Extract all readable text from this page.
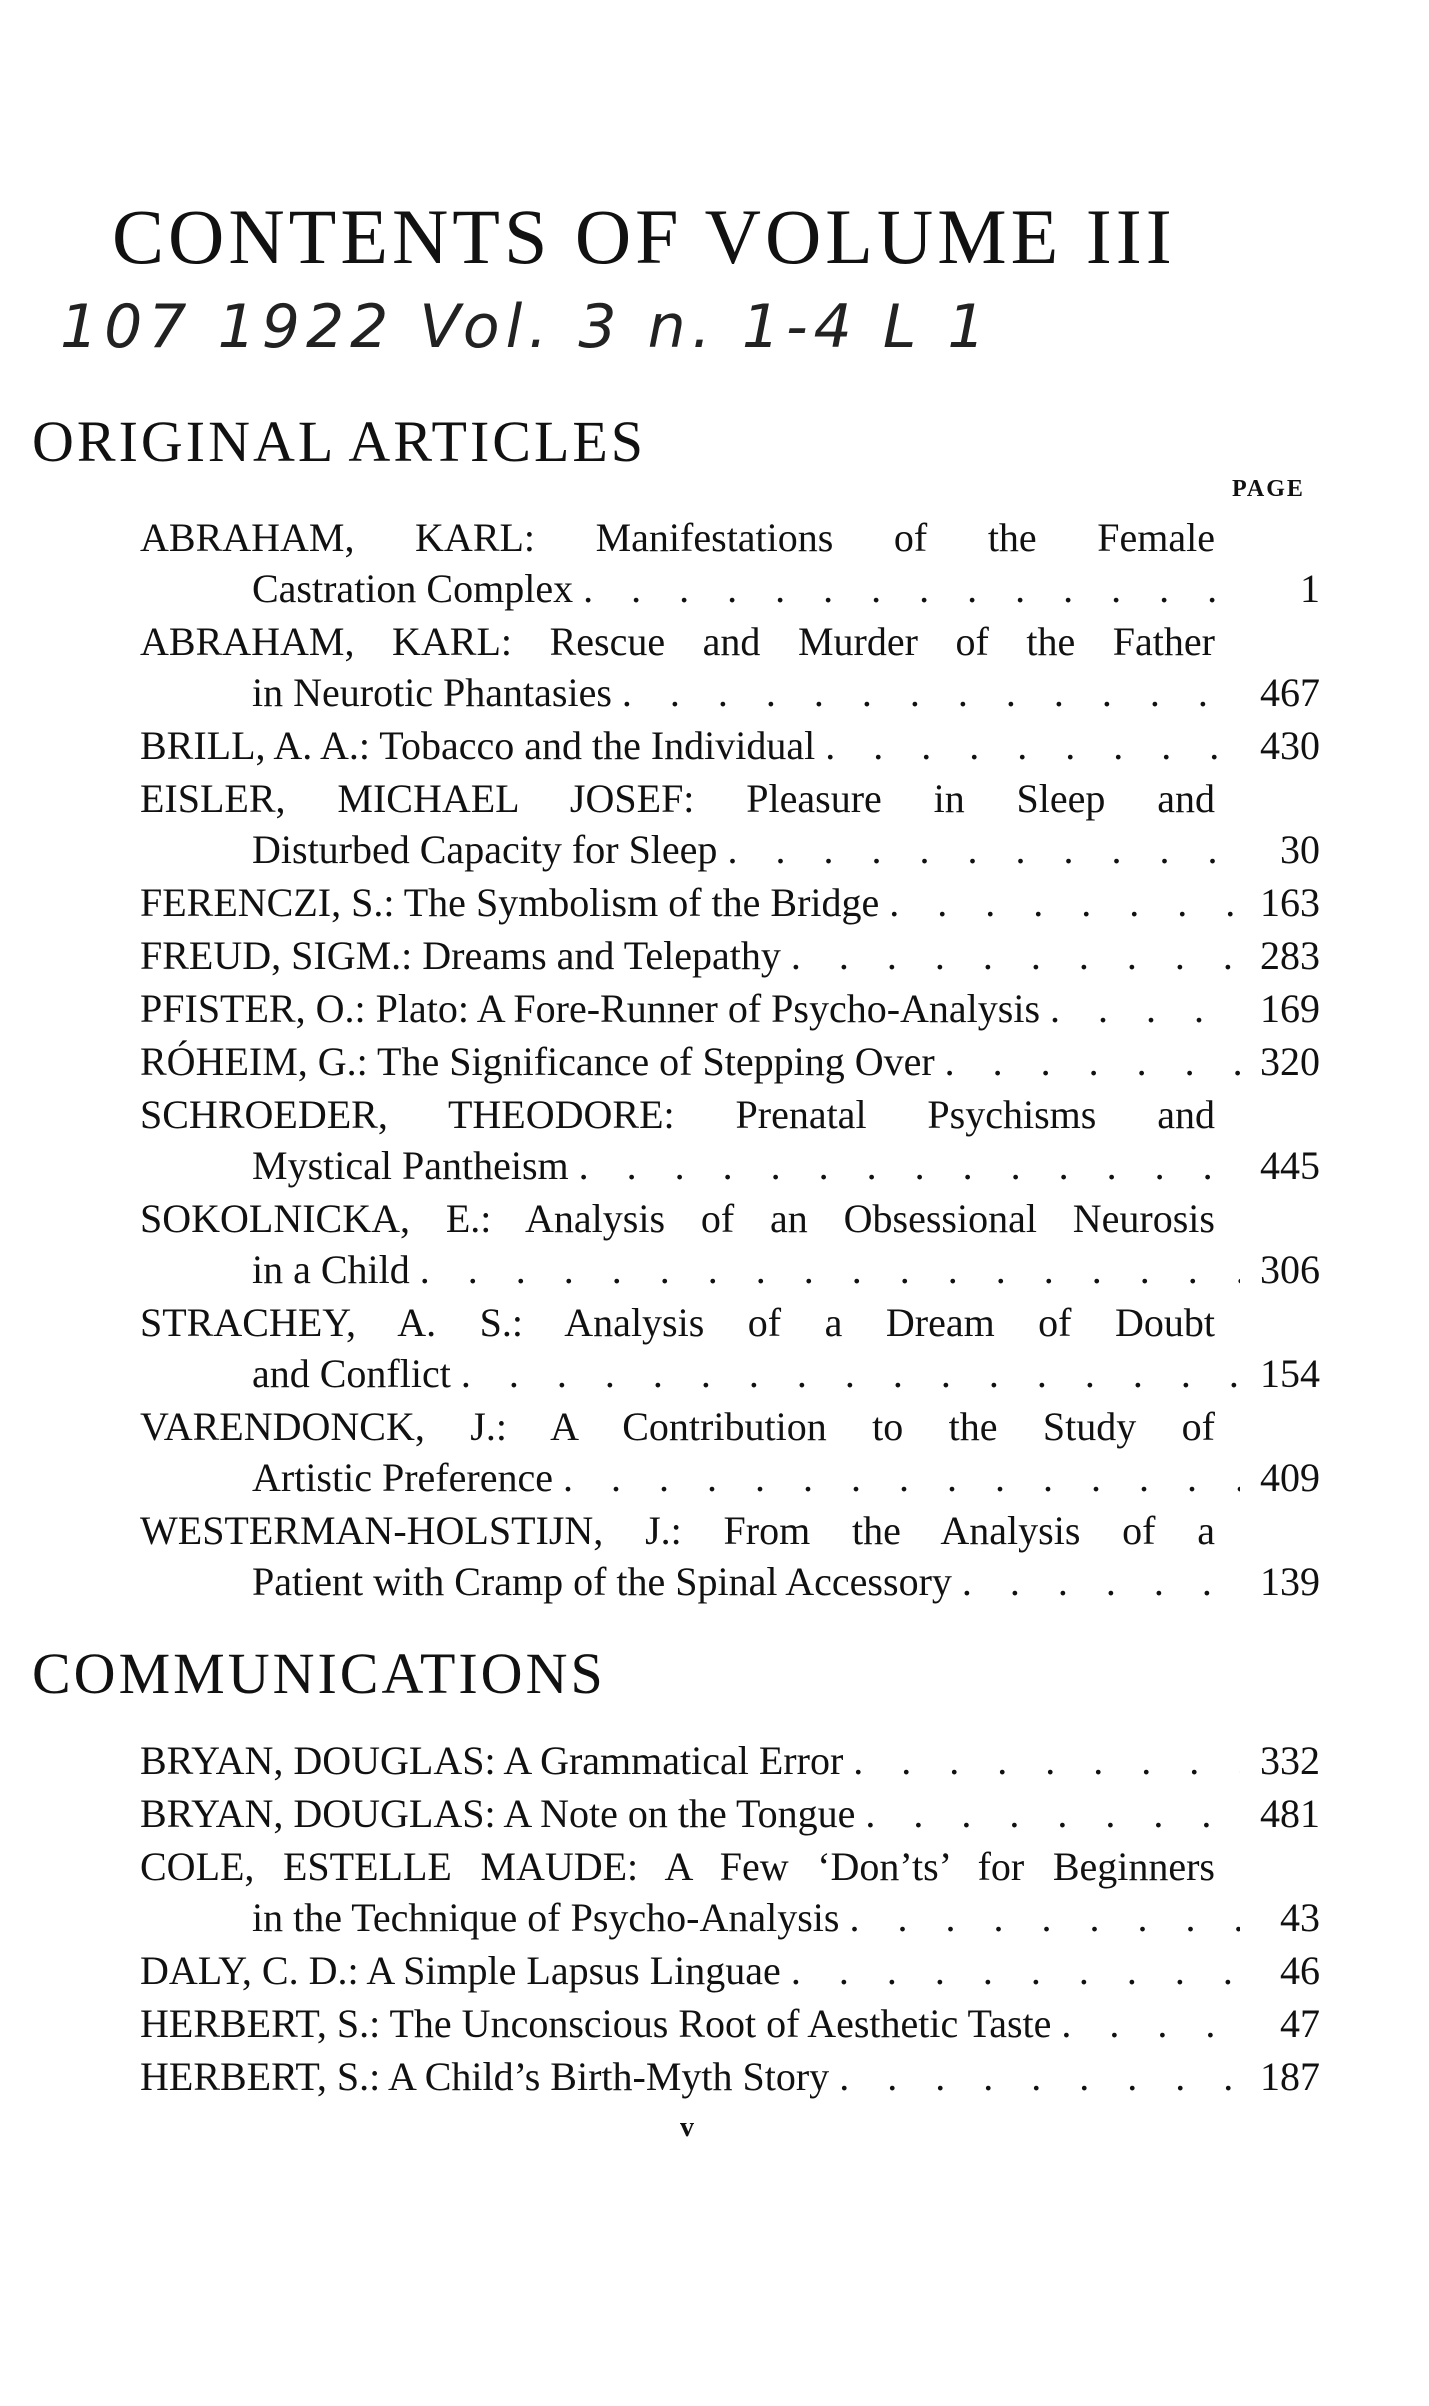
CONTENTS OF VOLUME III
107 1922 Vol. 3 n. 1-4 L 1
ORIGINAL ARTICLES
PAGE
ABRAHAM, KARL: Manifestations of the Female
Castration Complex . . .	1
ABRAHAM, KARL: Rescue and Murder of the Father
in Neurotic Phantasies . . .	467
BRILL, A. A.: Tobacco and the Individual . . .	430
EISLER, MICHAEL JOSEF: Pleasure in Sleep and
Disturbed Capacity for Sleep . . .	30
FERENCZI, S.: The Symbolism of the Bridge . . .	163
FREUD, SIGM.: Dreams and Telepathy . . .	283
PFISTER, O.: Plato: A Fore-Runner of Psycho-Analysis . . .	169
RÓHEIM, G.: The Significance of Stepping Over . . .	320
SCHROEDER, THEODORE: Prenatal Psychisms and
Mystical Pantheism . . .	445
SOKOLNICKA, E.: Analysis of an Obsessional Neurosis
in a Child . . .	306
STRACHEY, A. S.: Analysis of a Dream of Doubt
and Conflict . . .	154
VARENDONCK, J.: A Contribution to the Study of
Artistic Preference . . .	409
WESTERMAN-HOLSTIJN, J.: From the Analysis of a
Patient with Cramp of the Spinal Accessory . . .	139
COMMUNICATIONS
BRYAN, DOUGLAS: A Grammatical Error . . .	332
BRYAN, DOUGLAS: A Note on the Tongue . . .	481
COLE, ESTELLE MAUDE: A Few ‘Don’ts’ for Beginners
in the Technique of Psycho-Analysis . . .	43
DALY, C. D.: A Simple Lapsus Linguae . . .	46
HERBERT, S.: The Unconscious Root of Aesthetic Taste . . .	47
HERBERT, S.: A Child’s Birth-Myth Story . . .	187
v
